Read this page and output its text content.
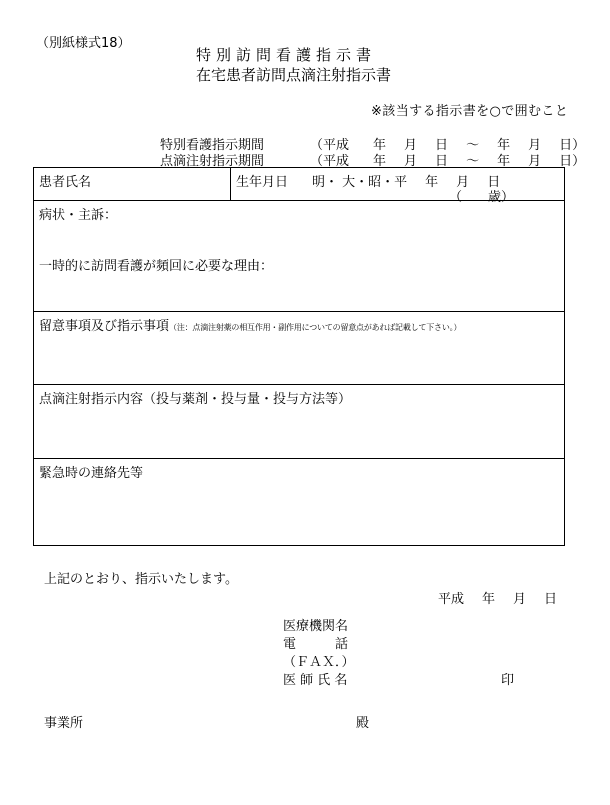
（別紙様式18）
特別訪問看護指示書
在宅患者訪問点滴注射指示書
※該当する指示書を○で囲むこと
特別看護指示期間	（平成 年 月 日 ～ 年 月 日）
点滴注射指示期間	（平成 年 月 日 ～ 年 月 日）
患者氏名	生年月日 明・ 大・昭・平 年 月 日
（　　歳）

病状・主訴：
一時的に訪問看護が頻回に必要な理由：

留意事項及び指示事項（注：点滴注射薬の相互作用・副作用についての留意点があれば記載して下さい。）

点滴注射指示内容（投与薬剤・投与量・投与方法等）

緊急時の連絡先等
上記のとおり、指示いたします。
平成 年 月 日
医療機関名
電　　　話
（ＦＡＸ．）
医 師 氏 名	印
事業所	殿
